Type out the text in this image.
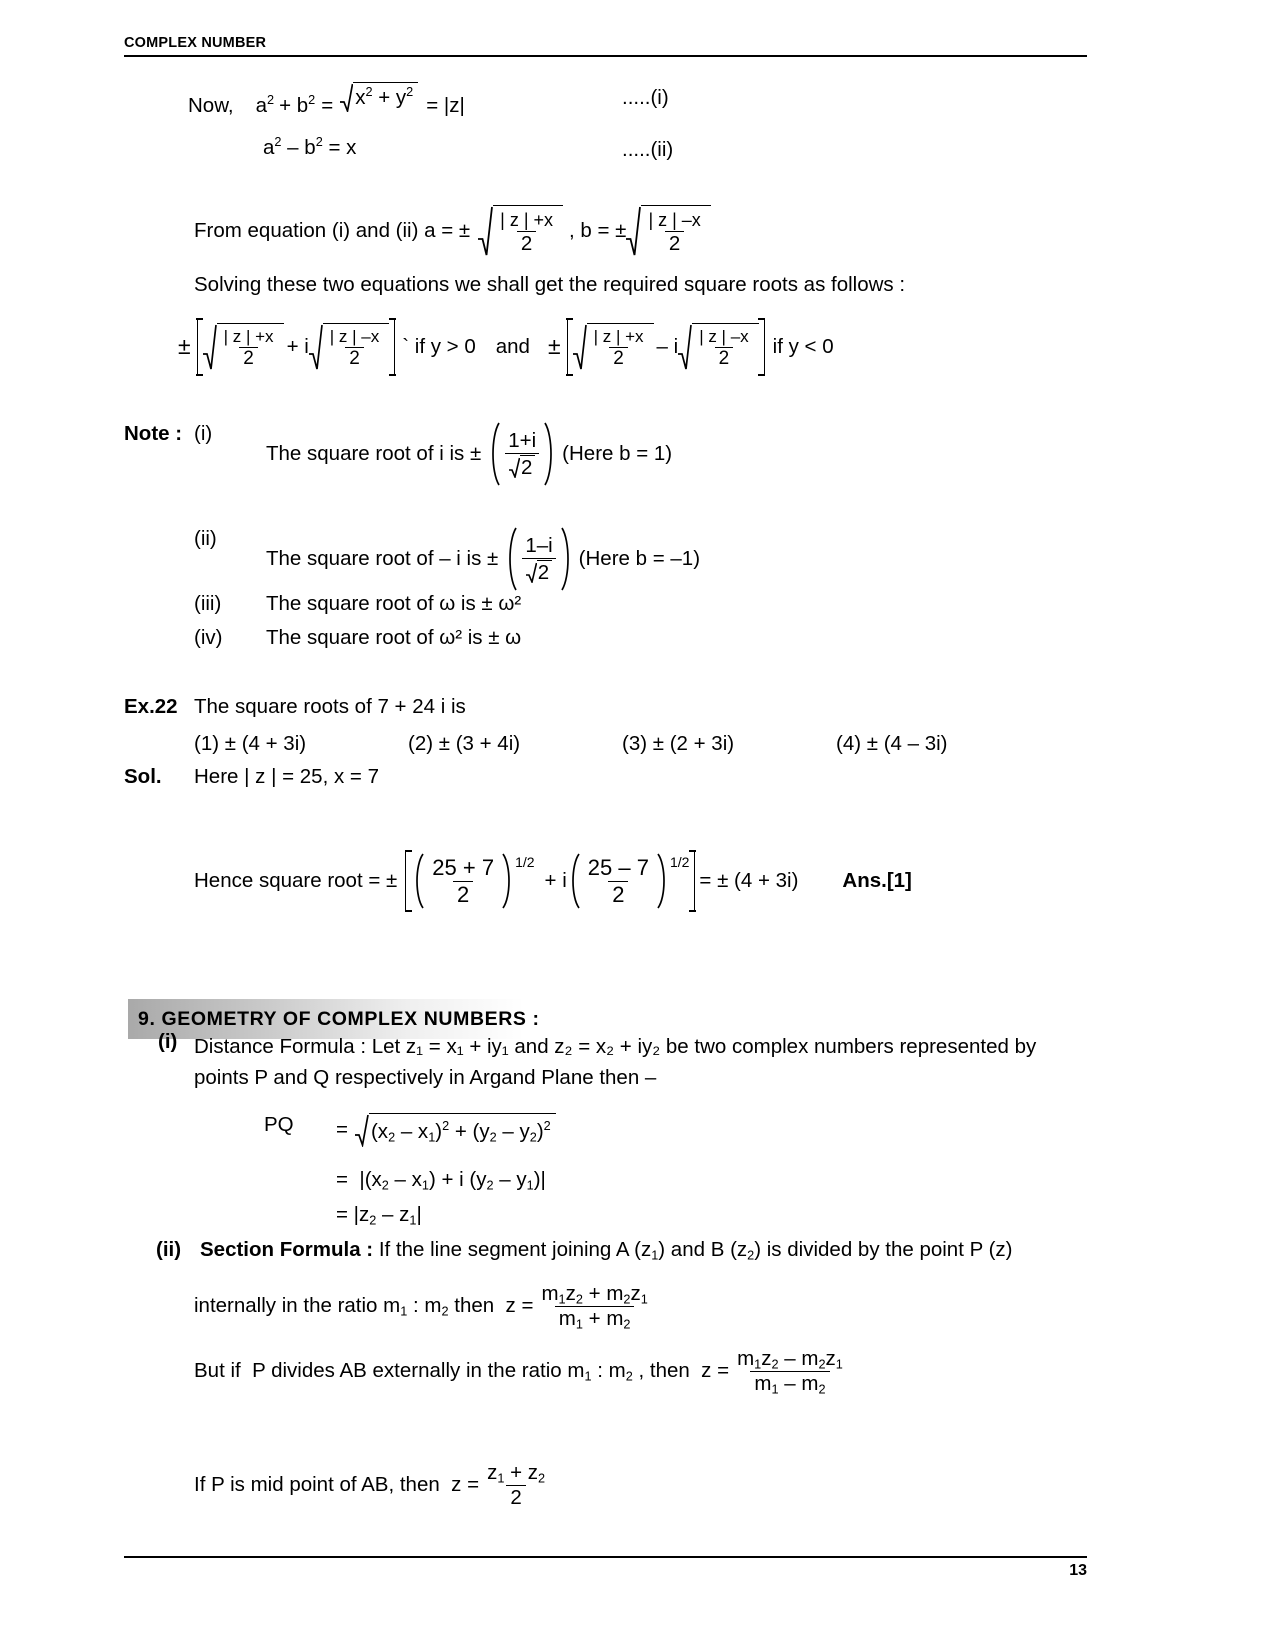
COMPLEX NUMBER
Now, $a^2 + b^2 = x^2 + y^2$
= |z|	.....(i)
$a^2 - b^2 = x$	.....(ii)
From equation (i) and (ii) a = ± $\frac{| z | +x}{2}$ , b = ± $\frac{| z | -x}{2}$
Solving these two equations we shall get the required square roots as follows :
± $\frac{| z | +x}{2} + i \frac{| z | -x}{2}$ ` if y > 0 and ± $\frac{| z | +x}{2}$ – i $\frac{| z | -x}{2}$ if y < 0
Note : (i)
The square root of i is ± $\frac{1+i}{2}$ (Here b = 1)
(ii)
The square root of – i is ± $\frac{1-i}{2}$ (Here b = –1)
(iii) The square root of ω is ± ω²
(iv) The square root of ω² is ± ω
Ex.22 The square roots of 7 + 24 i is
(1) ± (4 + 3i)	(2) ± (3 + 4i)	(3) ± (2 + 3i)	(4) ± (4 – 3i)
Sol. Here | z | = 25, x = 7
Hence square root = ± $\frac{25 + 7}{2} 1/2$
+ i $\frac{25 - 7}{2} 1/2$
= ± (4 + 3i) Ans.[1]
9. GEOMETRY OF COMPLEX NUMBERS :
(i) Distance Formula : Let z₁ = x₁ + iy₁ and z₂ = x₂ + iy₂ be two complex numbers represented by
points P and Q respectively in Argand Plane then –
PQ = $(x_2 - x_1)^2 + (y_2 - y_2)^2$
=  $|(x_2 - x_1) + i$ $(y_2 - y_1)|$
= $|z_2 - z_1|$
(ii) Section Formula : If the line segment joining A $(z_1)$ and B $(z_2)$ is divided by the point P (z)
internally in the ratio $m_1$ : $m_2$ then  $z = \frac{m_1z_2 + m_2z_1}{m_1 + m_2}$
But if  P divides AB externally in the ratio $m_1$ : $m_2$ , then  $z = \frac{m_1z_2 - m_2z_1}{m_1 - m_2}$
If P is mid point of AB, then  $z = \frac{z_1 + z_2}{2}$
13
